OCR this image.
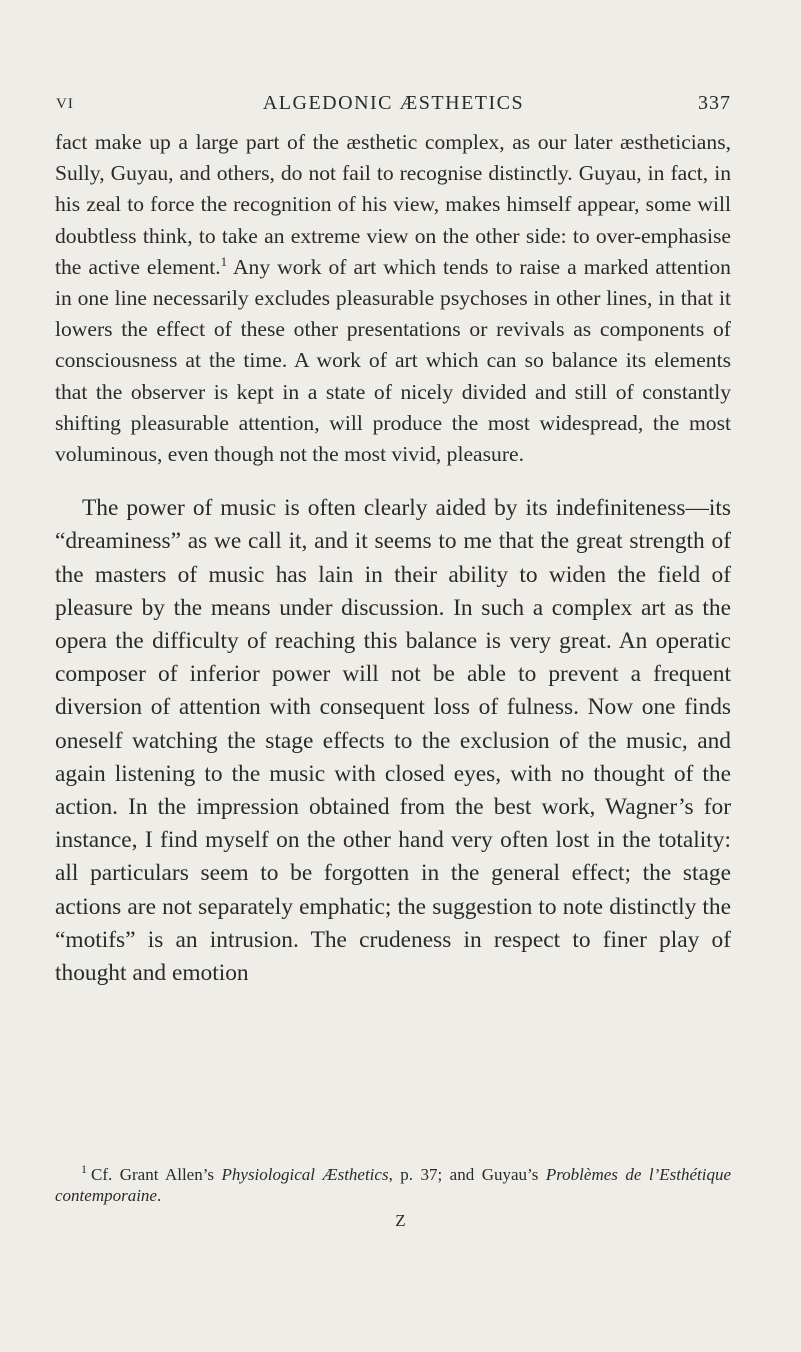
VI	ALGEDONIC ÆSTHETICS	337

fact make up a large part of the æsthetic complex, as our later æstheticians, Sully, Guyau, and others, do not fail to recognise distinctly. Guyau, in fact, in his zeal to force the recognition of his view, makes himself appear, some will doubtless think, to take an extreme view on the other side: to over-emphasise the active element.$^1$ Any work of art which tends to raise a marked attention in one line necessarily excludes pleasurable psychoses in other lines, in that it lowers the effect of these other presentations or revivals as components of consciousness at the time. A work of art which can so balance its elements that the observer is kept in a state of nicely divided and still of constantly shifting pleasurable attention, will produce the most widespread, the most voluminous, even though not the most vivid, pleasure.

The power of music is often clearly aided by its indefiniteness—its “dreaminess” as we call it, and it seems to me that the great strength of the masters of music has lain in their ability to widen the field of pleasure by the means under discussion. In such a complex art as the opera the difficulty of reaching this balance is very great. An operatic composer of inferior power will not be able to prevent a frequent diversion of attention with consequent loss of fulness. Now one finds oneself watching the stage effects to the exclusion of the music, and again listening to the music with closed eyes, with no thought of the action. In the impression obtained from the best work, Wagner’s for instance, I find myself on the other hand very often lost in the totality: all particulars seem to be forgotten in the general effect; the stage actions are not separately emphatic; the suggestion to note distinctly the “motifs” is an intrusion. The crudeness in respect to finer play of thought and emotion

1 Cf. Grant Allen’s Physiological Æsthetics, p. 37; and Guyau’s Problèmes de l’Esthétique contemporaine.
Z
